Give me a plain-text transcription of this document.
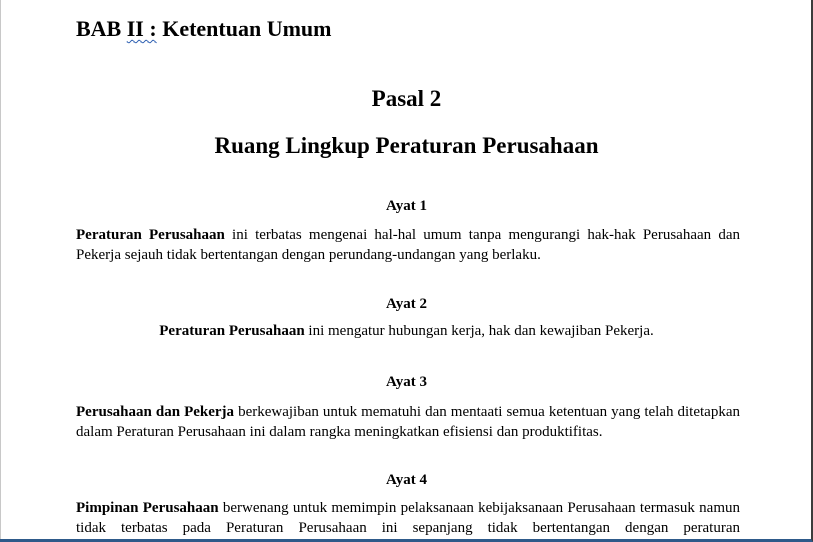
BAB II : Ketentuan Umum
Pasal 2
Ruang Lingkup Peraturan Perusahaan
Ayat 1
Peraturan Perusahaan ini terbatas mengenai hal-hal umum tanpa mengurangi hak-hak Perusahaan dan Pekerja sejauh tidak bertentangan dengan perundang-undangan yang berlaku.
Ayat 2
Peraturan Perusahaan ini mengatur hubungan kerja, hak dan kewajiban Pekerja.
Ayat 3
Perusahaan dan Pekerja berkewajiban untuk mematuhi dan mentaati semua ketentuan yang telah ditetapkan dalam Peraturan Perusahaan ini dalam rangka meningkatkan efisiensi dan produktifitas.
Ayat 4
Pimpinan Perusahaan berwenang untuk memimpin pelaksanaan kebijaksanaan Perusahaan termasuk namun tidak terbatas pada Peraturan Perusahaan ini sepanjang tidak bertentangan dengan peraturan
